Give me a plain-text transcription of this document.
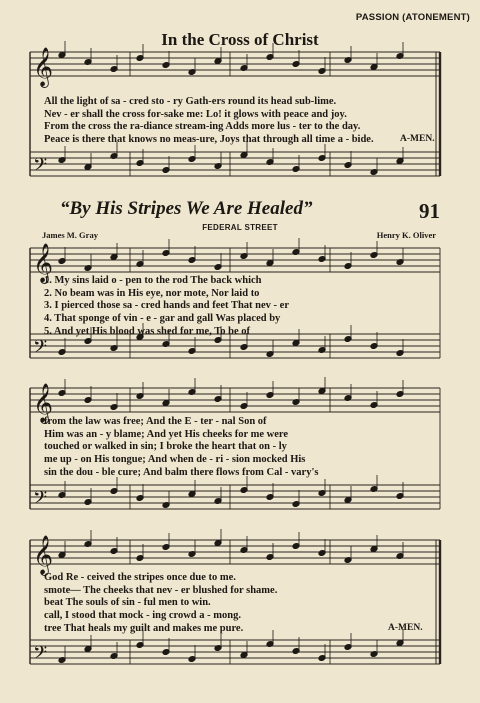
PASSION (ATONEMENT)
In the Cross of Christ
𝄞
𝄢
𝄞
𝄢
𝄞
𝄢
𝄞
𝄢
All the light of sa - cred sto - ry Gath-ers round its head sub-lime.
Nev - er shall the cross for-sake me: Lo! it glows with peace and joy.
From the cross the ra-diance stream-ing Adds more lus - ter to the day.
Peace is there that knows no meas-ure, Joys that through all time a - bide.	A-MEN.
“By His Stripes We Are Healed”	91
FEDERAL STREET
James M. Gray	Henry K. Oliver
1. My sins laid o - pen to the rod The back which
2. No beam was in His eye, nor mote, Nor laid to
3. I pierced those sa - cred hands and feet That nev - er
4. That sponge of vin - e - gar and gall Was placed by
5. And yet His blood was shed for me, To be of
from the law was free; And the E - ter - nal Son of
Him was an - y blame; And yet His cheeks for me were
touched or walked in sin; I broke the heart that on - ly
me up - on His tongue; And when de - ri - sion mocked His
sin the dou - ble cure; And balm there flows from Cal - vary's
God Re - ceived the stripes once due to me.
smote— The cheeks that nev - er blushed for shame.
beat The souls of sin - ful men to win.
call, I stood that mock - ing crowd a - mong.
tree That heals my guilt and makes me pure.	A-MEN.
